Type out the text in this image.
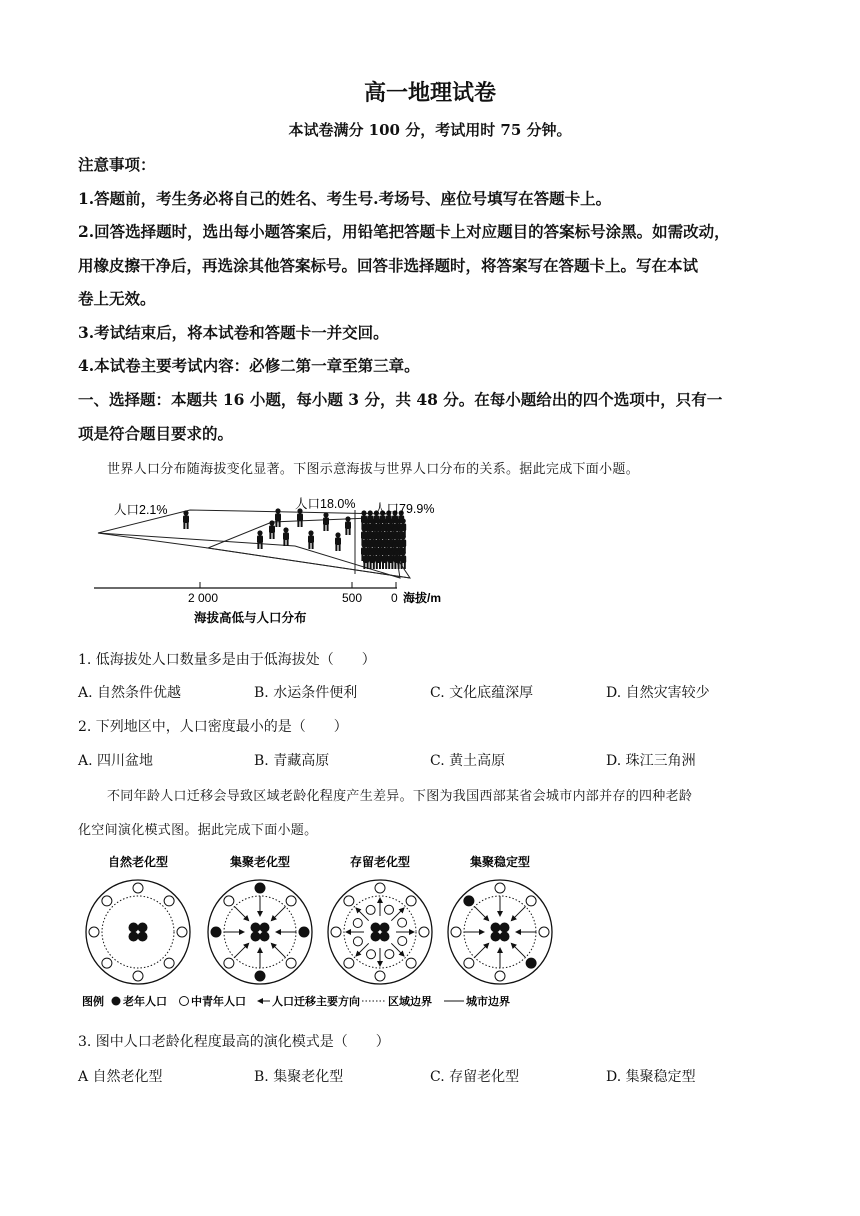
高一地理试卷
本试卷满分 100 分，考试用时 75 分钟。
注意事项：
1.答题前，考生务必将自己的姓名、考生号.考场号、座位号填写在答题卡上。
2.回答选择题时，选出每小题答案后，用铅笔把答题卡上对应题目的答案标号涂黑。如需改动，
用橡皮擦干净后，再选涂其他答案标号。回答非选择题时，将答案写在答题卡上。写在本试
卷上无效。
3.考试结束后，将本试卷和答题卡一并交回。
4.本试卷主要考试内容：必修二第一章至第三章。
一、选择题：本题共 16 小题，每小题 3 分，共 48 分。在每小题给出的四个选项中，只有一
项是符合题目要求的。
世界人口分布随海拔变化显著。下图示意海拔与世界人口分布的关系。据此完成下面小题。
人口2.1%	人口18.0% 人口79.9%
2 000	500 0 海拔/m
海拔高低与人口分布
1. 低海拔处人口数量多是由于低海拔处（　　）
A. 自然条件优越	B. 水运条件便利	C. 文化底蕴深厚	D. 自然灾害较少
2. 下列地区中，人口密度最小的是（　　）
A. 四川盆地	B. 青藏高原	C. 黄土高原	D. 珠江三角洲
不同年龄人口迁移会导致区域老龄化程度产生差异。下图为我国西部某省会城市内部并存的四种老龄
化空间演化模式图。据此完成下面小题。
自然老化型	集聚老化型	存留老化型	集聚稳定型
图例 老年人口 中青年人口 人口迁移主要方向	区域边界	城市边界
3. 图中人口老龄化程度最高的演化模式是（　　）
A 自然老化型	B. 集聚老化型	C. 存留老化型	D. 集聚稳定型
